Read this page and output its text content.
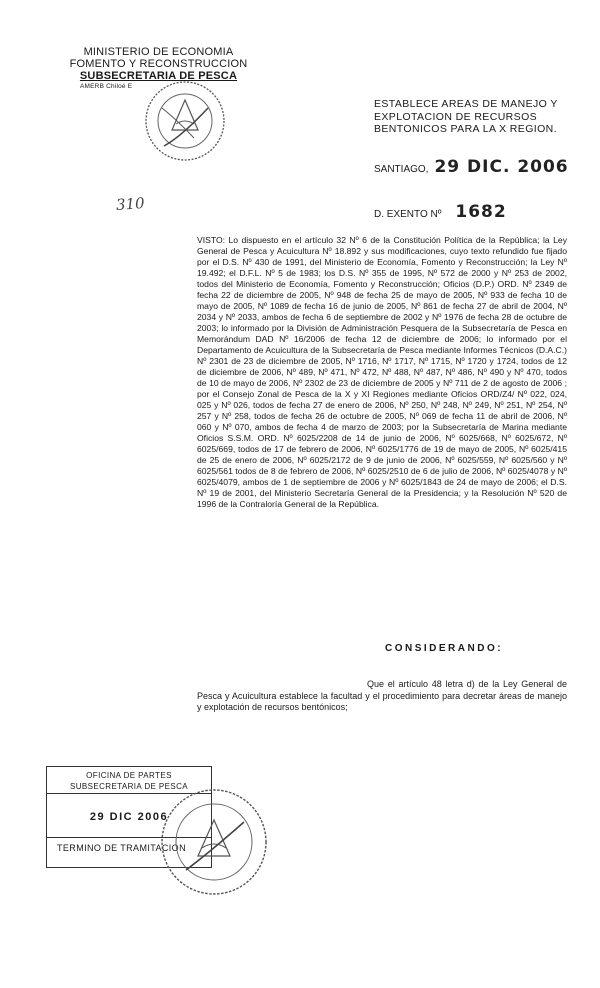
MINISTERIO DE ECONOMIA
FOMENTO Y RECONSTRUCCION
SUBSECRETARIA DE PESCA
AMERB Chiloé E
ESTABLECE AREAS DE MANEJO Y
EXPLOTACION DE RECURSOS
BENTONICOS PARA LA X REGION.
SANTIAGO, 29 DIC. 2006
D. EXENTO Nº 1682
310
VISTO: Lo dispuesto en el artículo 32 Nº 6 de la Constitución Política de la República; la Ley General de Pesca y Acuicultura Nº 18.892 y sus modificaciones, cuyo texto refundido fue fijado por el D.S. Nº 430 de 1991, del Ministerio de Economía, Fomento y Reconstrucción; la Ley Nº 19.492; el D.F.L. Nº 5 de 1983; los D.S. Nº 355 de 1995, Nº 572 de 2000 y Nº 253 de 2002, todos del Ministerio de Economía, Fomento y Reconstrucción; Oficios (D.P.) ORD. Nº 2349 de fecha 22 de diciembre de 2005, Nº 948 de fecha 25 de mayo de 2005, Nº 933 de fecha 10 de mayo de 2005, Nº 1089 de fecha 16 de junio de 2005, Nº 861 de fecha 27 de abril de 2004, Nº 2034 y Nº 2033, ambos de fecha 6 de septiembre de 2002 y Nº 1976 de fecha 28 de octubre de 2003; lo informado por la División de Administración Pesquera de la Subsecretaría de Pesca en Memorándum DAD Nº 16/2006 de fecha 12 de diciembre de 2006; lo informado por el Departamento de Acuicultura de la Subsecretaría de Pesca mediante Informes Técnicos (D.A.C.) Nº 2301 de 23 de diciembre de 2005, Nº 1716, Nº 1717, Nº 1715, Nº 1720 y 1724, todos de 12 de diciembre de 2006, Nº 489, Nº 471, Nº 472, Nº 488, Nº 487, Nº 486, Nº 490 y Nº 470, todos de 10 de mayo de 2006, Nº 2302 de 23 de diciembre de 2005 y Nº 711 de 2 de agosto de 2006 ; por el Consejo Zonal de Pesca de la X y XI Regiones mediante Oficios ORD/Z4/ Nº 022, 024, 025 y Nº 026, todos de fecha 27 de enero de 2006, Nº 250, Nº 248, Nº 249, Nº 251, Nº 254, Nº 257 y Nº 258, todos de fecha 26 de octubre de 2005, Nº 069 de fecha 11 de abril de 2006, Nº 060 y Nº 070, ambos de fecha 4 de marzo de 2003; por la Subsecretaría de Marina mediante Oficios S.S.M. ORD. Nº 6025/2208 de 14 de junio de 2006, Nº 6025/668, Nº 6025/672, Nº 6025/669, todos de 17 de febrero de 2006, Nº 6025/1776 de 19 de mayo de 2005, Nº 6025/415 de 25 de enero de 2006, Nº 6025/2172 de 9 de junio de 2006, Nº 6025/559, Nº 6025/560 y Nº 6025/561 todos de 8 de febrero de 2006, Nº 6025/2510 de 6 de julio de 2006, Nº 6025/4078 y Nº 6025/4079, ambos de 1 de septiembre de 2006 y Nº 6025/1843 de 24 de mayo de 2006; el D.S. Nº 19 de 2001, del Ministerio Secretaría General de la Presidencia; y la Resolución Nº 520 de 1996 de la Contraloría General de la República.
CONSIDERANDO:
Que el artículo 48 letra d) de la Ley General de Pesca y Acuicultura establece la facultad y el procedimiento para decretar áreas de manejo y explotación de recursos bentónicos;
OFICINA DE PARTES
SUBSECRETARIA DE PESCA
29 DIC 2006
TERMINO DE TRAMITACION
